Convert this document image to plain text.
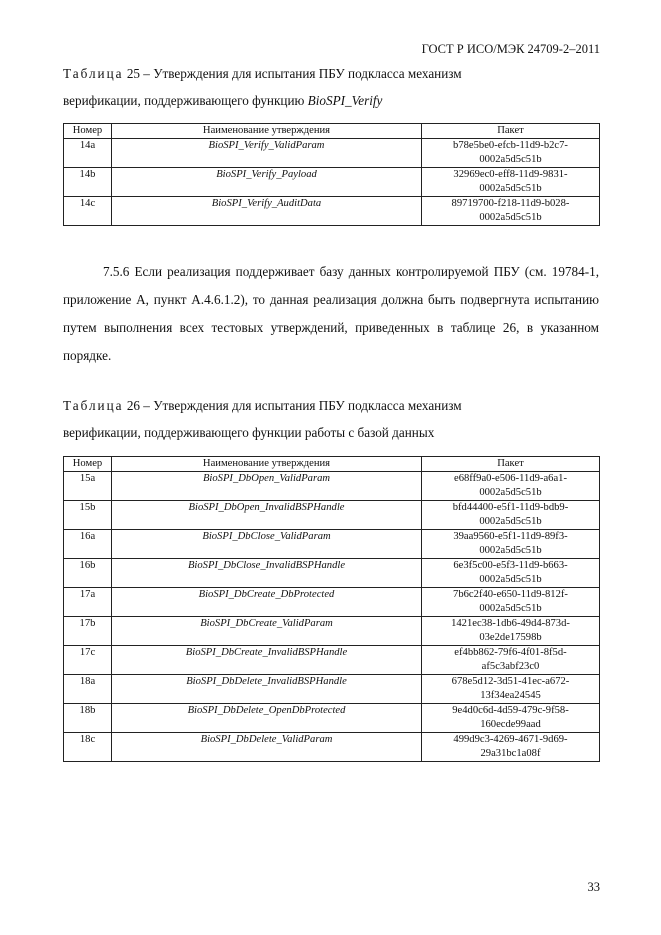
ГОСТ Р ИСО/МЭК 24709-2‒2011
Таблица 25 – Утверждения для испытания ПБУ подкласса механизм
верификации, поддерживающего функцию BioSPI_Verify
Номер	Наименование утверждения	Пакет
14a	BioSPI_Verify_ValidParam	b78e5be0-efcb-11d9-b2c7-
0002a5d5c51b

14b	BioSPI_Verify_Payload	32969ec0-eff8-11d9-9831-
0002a5d5c51b

14c	BioSPI_Verify_AuditData	89719700-f218-11d9-b028-
0002a5d5c51b
7.5.6 Если реализация поддерживает базу данных контролируемой ПБУ (см. 19784-1, приложение А, пункт А.4.6.1.2), то данная реализация должна быть подвергнута испытанию путем выполнения всех тестовых утверждений, приведенных в таблице 26, в указанном порядке.
Таблица 26 – Утверждения для испытания ПБУ подкласса механизм
верификации, поддерживающего функции работы с базой данных
Номер	Наименование утверждения	Пакет
15a	BioSPI_DbOpen_ValidParam	e68ff9a0-e506-11d9-a6a1-
0002a5d5c51b

15b	BioSPI_DbOpen_InvalidBSPHandle	bfd44400-e5f1-11d9-bdb9-
0002a5d5c51b

16a	BioSPI_DbClose_ValidParam	39aa9560-e5f1-11d9-89f3-
0002a5d5c51b

16b	BioSPI_DbClose_InvalidBSPHandle	6e3f5c00-e5f3-11d9-b663-
0002a5d5c51b

17a	BioSPI_DbCreate_DbProtected	7b6c2f40-e650-11d9-812f-
0002a5d5c51b

17b	BioSPI_DbCreate_ValidParam	1421ec38-1db6-49d4-873d-
03e2de17598b

17c	BioSPI_DbCreate_InvalidBSPHandle	ef4bb862-79f6-4f01-8f5d-
af5c3abf23c0

18a	BioSPI_DbDelete_InvalidBSPHandle	678e5d12-3d51-41ec-a672-
13f34ea24545

18b	BioSPI_DbDelete_OpenDbProtected	9e4d0c6d-4d59-479c-9f58-
160ecde99aad

18c	BioSPI_DbDelete_ValidParam	499d9c3-4269-4671-9d69-
29a31bc1a08f
33
